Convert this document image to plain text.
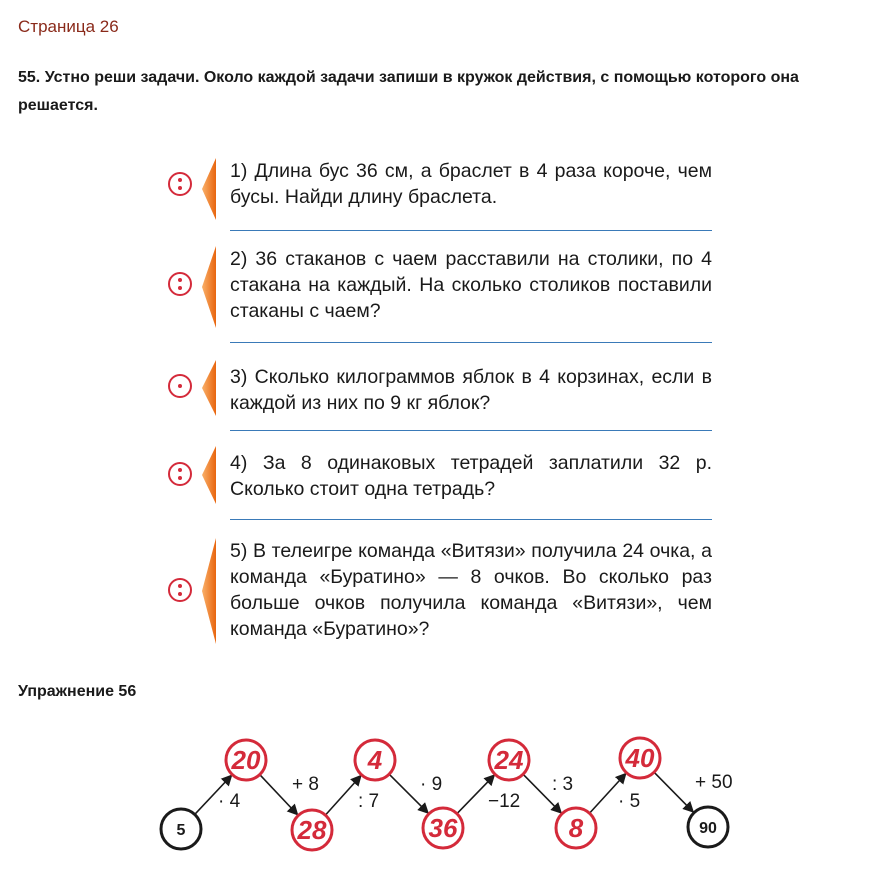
Страница 26
55. Устно реши задачи. Около каждой задачи запиши в кружок действия, с помощью которого она решается.
1) Длина бус 36 см, а браслет в 4 раза короче, чем бусы. Найди длину браслета.
2) 36 стаканов с чаем расставили на столики, по 4 стакана на каждый. На сколько столиков поставили стаканы с чаем?
3) Сколько килограммов яблок в 4 корзинах, если в каждой из них по 9 кг яблок?
4) За 8 одинаковых тетрадей заплатили 32 р. Сколько стоит одна тетрадь?
5) В телеигре команда «Витязи» получила 24 очка, а команда «Буратино» — 8 очков. Во сколько раз больше очков получила команда «Витязи», чем команда «Буратино»?
Упражнение 56
5
20
28
4
36
24
8
40
90
· 4
+ 8
: 7
· 9
−12
: 3
· 5
+ 50
